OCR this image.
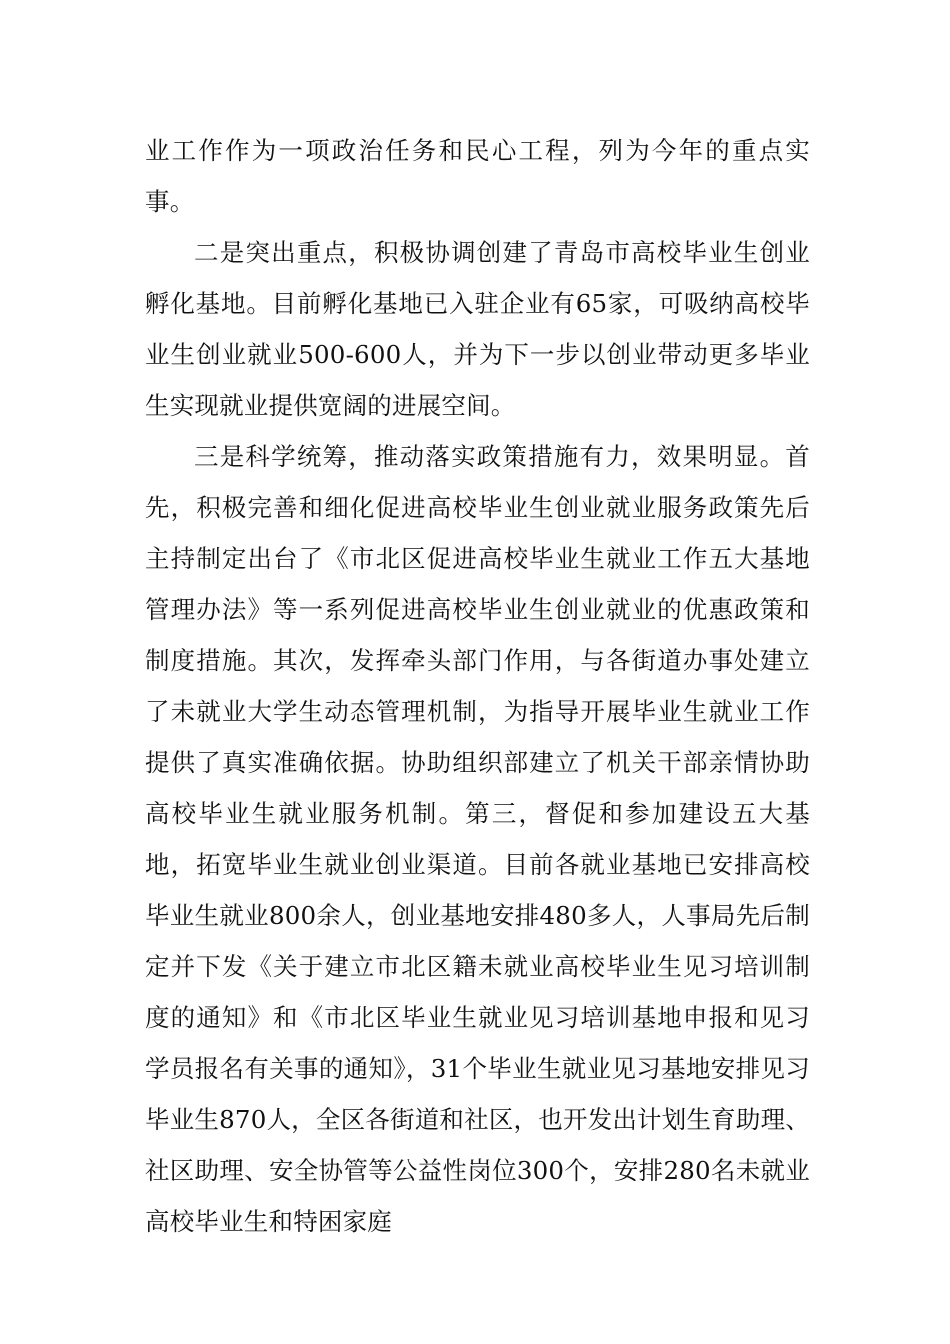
业工作作为一项政治任务和民心工程，列为今年的重点实事。

二是突出重点，积极协调创建了青岛市高校毕业生创业孵化基地。目前孵化基地已入驻企业有65家，可吸纳高校毕业生创业就业500-600人，并为下一步以创业带动更多毕业生实现就业提供宽阔的进展空间。

三是科学统筹，推动落实政策措施有力，效果明显。首先，积极完善和细化促进高校毕业生创业就业服务政策先后主持制定出台了《市北区促进高校毕业生就业工作五大基地管理办法》等一系列促进高校毕业生创业就业的优惠政策和制度措施。其次，发挥牵头部门作用，与各街道办事处建立了未就业大学生动态管理机制，为指导开展毕业生就业工作提供了真实准确依据。协助组织部建立了机关干部亲情协助高校毕业生就业服务机制。第三，督促和参加建设五大基地，拓宽毕业生就业创业渠道。目前各就业基地已安排高校毕业生就业800余人，创业基地安排480多人，人事局先后制定并下发《关于建立市北区籍未就业高校毕业生见习培训制度的通知》和《市北区毕业生就业见习培训基地申报和见习学员报名有关事的通知》，31个毕业生就业见习基地安排见习毕业生870人，全区各街道和社区，也开发出计划生育助理、社区助理、安全协管等公益性岗位300个，安排280名未就业高校毕业生和特困家庭
